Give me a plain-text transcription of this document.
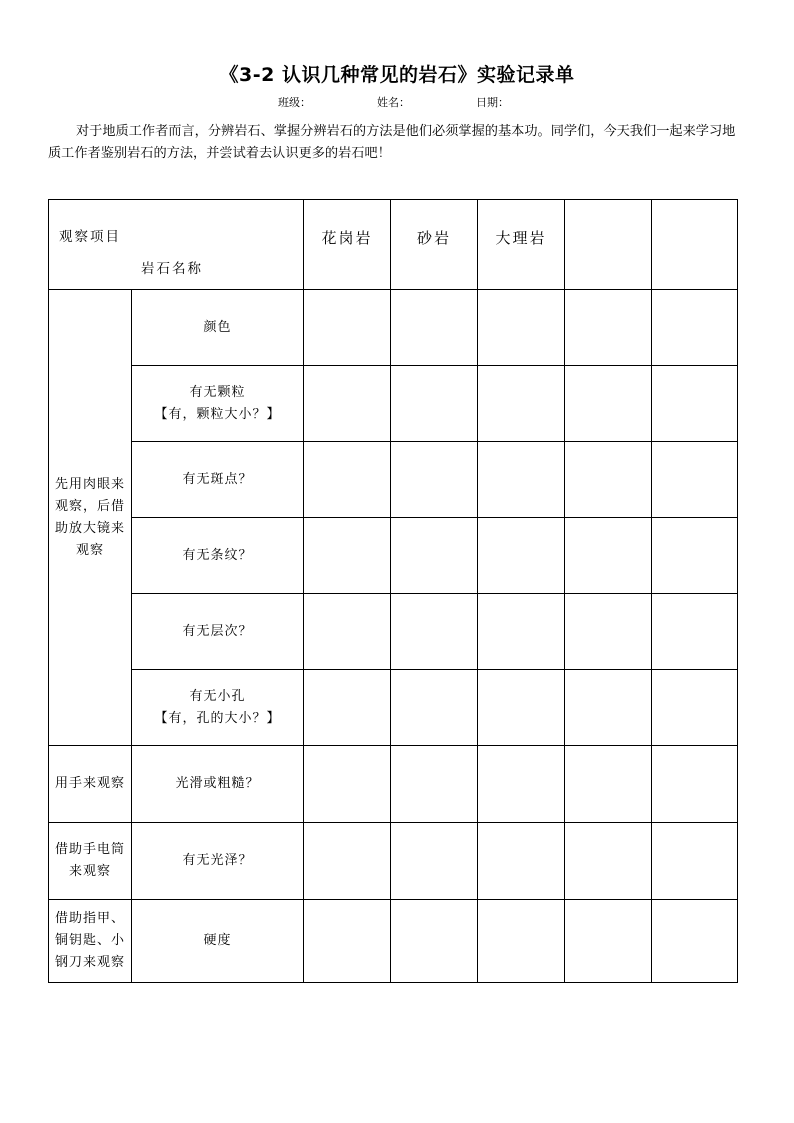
《3-2 认识几种常见的岩石》实验记录单
班级：	姓名：	日期：
对于地质工作者而言，分辨岩石、掌握分辨岩石的方法是他们必须掌握的基本功。同学们，今天我们一起来学习地质工作者鉴别岩石的方法，并尝试着去认识更多的岩石吧！
观察项目
岩石名称		花岗岩	砂岩	大理岩		

先用肉眼来观察，后借助放大镜来观察	颜色					
	有无颗粒
【有，颗粒大小？】					
	有无斑点？					
	有无条纹？					
	有无层次？					
	有无小孔
【有，孔的大小？】					

用手来观察	光滑或粗糙？					

借助手电筒来观察	有无光泽？					

借助指甲、铜钥匙、小钢刀来观察	硬度					
